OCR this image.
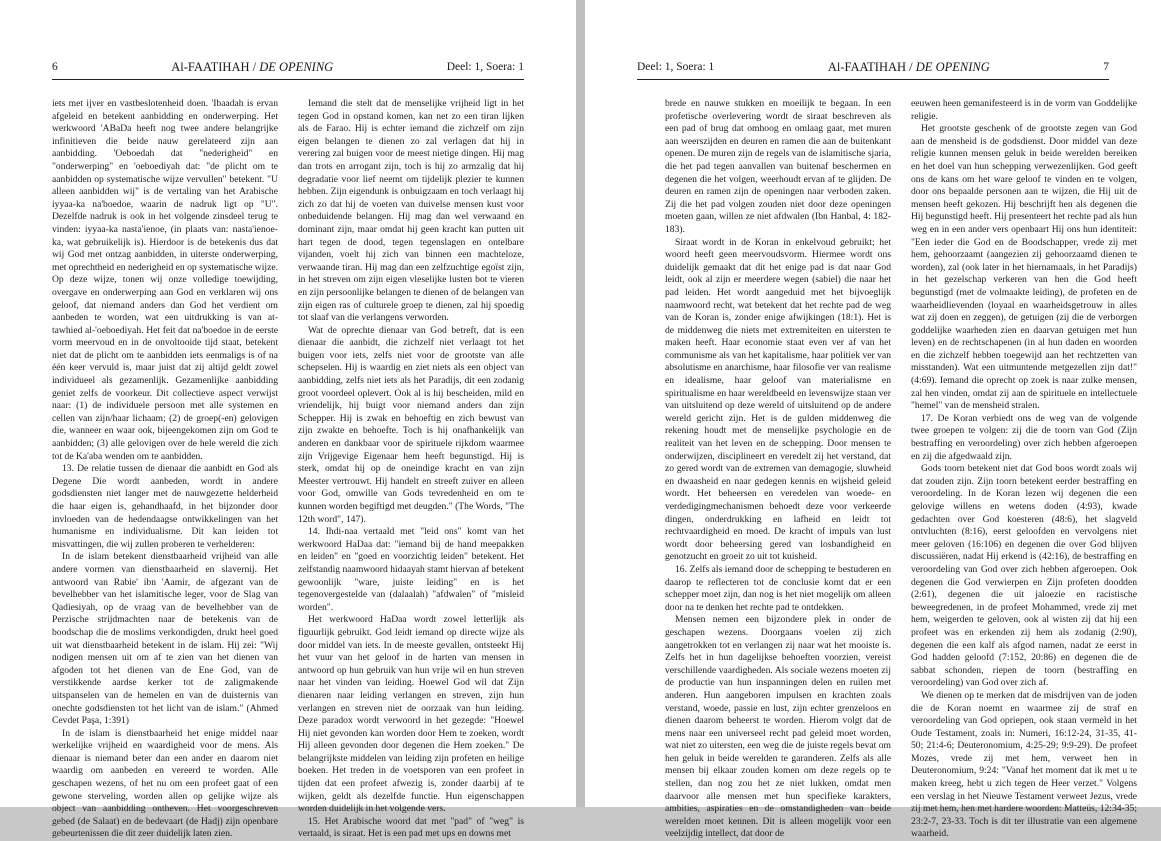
6	Al-FAATIHAH / DE OPENING	Deel: 1, Soera: 1

iets met ijver en vastbeslotenheid doen. 'Ibaadah is ervan afgeleid en betekent aanbidding en onderwerping. Het werkwoord 'ABaDa heeft nog twee andere belangrijke infinitieven die beide nauw gerelateerd zijn aan aanbidding. 'Oeboedah dat "nederigheid" en "onderwerping" en 'oeboediyah dat: "de plicht om te aanbidden op systematische wijze vervullen" betekent. "U alleen aanbidden wij" is de vertaling van het Arabische iyyaa-ka na'boedoe, waarin de nadruk ligt op "U". Dezelfde nadruk is ook in het volgende zinsdeel terug te vinden: iyyaa-ka nasta'ienoe, (in plaats van: nasta'ienoe-ka, wat gebruikelijk is). Hierdoor is de betekenis dus dat wij God met ontzag aanbidden, in uiterste onderwerping, met oprechtheid en nederigheid en op systematische wijze. Op deze wijze, tonen wij onze volledige toewijding, overgave en onderwerping aan God en verklaren wij ons geloof, dat niemand anders dan God het verdient om aanbeden te worden, wat een uitdrukking is van at-tawhied al-'oeboediyah. Het feit dat na'boedoe in de eerste vorm meervoud en in de onvoltooide tijd staat, betekent niet dat de plicht om te aanbidden iets eenmaligs is of na één keer vervuld is, maar juist dat zij altijd geldt zowel individueel als gezamenlijk. Gezamenlijke aanbidding geniet zelfs de voorkeur. Dit collectieve aspect verwijst naar: (1) de individuele persoon met alle systemen en cellen van zijn/haar lichaam; (2) de groep(-en) gelovigen die, wanneer en waar ook, bijeengekomen zijn om God te aanbidden; (3) alle gelovigen over de hele wereld die zich tot de Ka'aba wenden om te aanbidden.

13. De relatie tussen de dienaar die aanbidt en God als Degene Die wordt aanbeden, wordt in andere godsdiensten niet langer met de nauwgezette helderheid die haar eigen is, gehandhaafd, in het bijzonder door invloeden van de hedendaagse ontwikkelingen van het humanisme en individualisme. Dit kan leiden tot misvattingen, die wij zullen proberen te verhelderen:

In de islam betekent dienstbaarheid vrijheid van alle andere vormen van dienstbaarheid en slavernij. Het antwoord van Rabie' ibn 'Aamir, de afgezant van de bevelhebber van het islamitische leger, voor de Slag van Qadiesiyah, op de vraag van de bevelhebber van de Perzische strijdmachten naar de betekenis van de boodschap die de moslims verkondigden, drukt heel goed uit wat dienstbaarheid betekent in de islam. Hij zei: "Wij nodigen mensen uit om af te zien van het dienen van afgoden tot het dienen van de Ene God, van de verstikkende aardse kerker tot de zaligmakende uitspanselen van de hemelen en van de duisternis van onechte godsdiensten tot het licht van de islam." (Ahmed Cevdet Paşa, 1:391)

In de islam is dienstbaarheid het enige middel naar werkelijke vrijheid en waardigheid voor de mens. Als dienaar is niemand beter dan een ander en daarom niet waardig om aanbeden en vereerd te worden. Alle geschapen wezens, of het nu om een profeet gaat of een gewone sterveling, worden allen op gelijke wijze als object van aanbidding ontheven. Het voorgeschreven gebed (de Salaat) en de bedevaart (de Hadj) zijn openbare gebeurtenissen die dit zeer duidelijk laten zien.

Iemand die stelt dat de menselijke vrijheid ligt in het tegen God in opstand komen, kan net zo een tiran lijken als de Farao. Hij is echter iemand die zichzelf om zijn eigen belangen te dienen zo zal verlagen dat hij in verering zal buigen voor de meest nietige dingen. Hij mag dan trots en arrogant zijn, toch is hij zo armzalig dat hij degradatie voor lief neemt om tijdelijk plezier te kunnen hebben. Zijn eigendunk is onbuigzaam en toch verlaagt hij zich zo dat hij de voeten van duivelse mensen kust voor onbeduidende belangen. Hij mag dan wel verwaand en dominant zijn, maar omdat hij geen kracht kan putten uit hart tegen de dood, tegen tegenslagen en ontelbare vijanden, voelt hij zich van binnen een machteloze, verwaande tiran. Hij mag dan een zelfzuchtige egoïst zijn, in het streven om zijn eigen vleselijke lusten bot te vieren en zijn persoonlijke belangen te dienen of de belangen van zijn eigen ras of culturele groep te dienen, zal hij spoedig tot slaaf van die verlangens verworden.

Wat de oprechte dienaar van God betreft, dat is een dienaar die aanbidt, die zichzelf niet verlaagt tot het buigen voor iets, zelfs niet voor de grootste van alle schepselen. Hij is waardig en ziet niets als een object van aanbidding, zelfs niet iets als het Paradijs, dit een zodanig groot voordeel oplevert. Ook al is hij bescheiden, mild en vriendelijk, hij buigt voor niemand anders dan zijn Schepper. Hij is zwak en behoeftig en zich bewust van zijn zwakte en behoefte. Toch is hij onafhankelijk van anderen en dankbaar voor de spirituele rijkdom waarmee zijn Vrijgevige Eigenaar hem heeft begunstigd. Hij is sterk, omdat hij op de oneindige kracht en van zijn Meester vertrouwt. Hij handelt en streeft zuiver en alleen voor God, omwille van Gods tevredenheid en om te kunnen worden begiftigd met deugden." (The Words, "The 12th word", 147).

14. Ihdi-naa vertaald met "leid ons" komt van het werkwoord HaDaa dat: "iemand bij de hand meepakken en leiden" en "goed en voorzichtig leiden" betekent. Het zelfstandig naamwoord hidaayah stamt hiervan af betekent gewoonlijk "ware, juiste leiding" en is het tegenovergestelde van (dalaalah) "afdwalen" of "misleid worden".

Het werkwoord HaDaa wordt zowel letterlijk als figuurlijk gebruikt. God leidt iemand op directe wijze als door middel van iets. In de meeste gevallen, ontsteekt Hij het vuur van het geloof in de harten van mensen in antwoord op hun gebruik van hun vrije wil en hun streven naar het vinden van leiding. Hoewel God wil dat Zijn dienaren naar leiding verlangen en streven, zijn hun verlangen en streven niet de oorzaak van hun leiding. Deze paradox wordt verwoord in het gezegde: "Hoewel Hij niet gevonden kan worden door Hem te zoeken, wordt Hij alleen gevonden door degenen die Hem zoeken." De belangrijkste middelen van leiding zijn profeten en heilige boeken. Het treden in de voetsporen van een profeet in tijden dat een profeet afwezig is, zonder daarbij af te wijken, geldt als dezelfde functie. Hun eigenschappen worden duidelijk in het volgende vers.

15. Het Arabische woord dat met "pad" of "weg" is vertaald, is siraat. Het is een pad met ups en downs met

Deel: 1, Soera: 1	Al-FAATIHAH / DE OPENING	7

brede en nauwe stukken en moeilijk te begaan. In een profetische overlevering wordt de siraat beschreven als een pad of brug dat omhoog en omlaag gaat, met muren aan weerszijden en deuren en ramen die aan de buitenkant openen. De muren zijn de regels van de islamitische sjaria, die het pad tegen aanvallen van buitenaf beschermen en degenen die het volgen, weerhoudt ervan af te glijden. De deuren en ramen zijn de openingen naar verboden zaken. Zij die het pad volgen zouden niet door deze openingen moeten gaan, willen ze niet afdwalen (Ibn Hanbal, 4: 182-183).

Siraat wordt in de Koran in enkelvoud gebruikt; het woord heeft geen meervoudsvorm. Hiermee wordt ons duidelijk gemaakt dat dit het enige pad is dat naar God leidt, ook al zijn er meerdere wegen (sabiel) die naar het pad leiden. Het wordt aangeduid met het bijvoeglijk naamwoord recht, wat betekent dat het rechte pad de weg van de Koran is, zonder enige afwijkingen (18:1). Het is de middenweg die niets met extremiteiten en uitersten te maken heeft. Haar economie staat even ver af van het communisme als van het kapitalisme, haar politiek ver van absolutisme en anarchisme, haar filosofie ver van realisme en idealisme, haar geloof van materialisme en spiritualisme en haar wereldbeeld en levenswijze staan ver van uitsluitend op deze wereld of uitsluitend op de andere wereld gericht zijn. Het is de gulden middenweg die rekening houdt met de menselijke psychologie en de realiteit van het leven en de schepping. Door mensen te onderwijzen, disciplineert en veredelt zij het verstand, dat zo gered wordt van de extremen van demagogie, sluwheid en dwaasheid en naar gedegen kennis en wijsheid geleid wordt. Het beheersen en veredelen van woede- en verdedigingmechanismen behoedt deze voor verkeerde dingen, onderdrukking en lafheid en leidt tot rechtvaardigheid en moed. De kracht of impuls van lust wordt door beheersing gered van losbandigheid en genotzucht en groeit zo uit tot kuisheid.

16. Zelfs als iemand door de schepping te bestuderen en daarop te reflecteren tot de conclusie komt dat er een schepper moet zijn, dan nog is het niet mogelijk om alleen door na te denken het rechte pad te ontdekken.

Mensen nemen een bijzondere plek in onder de geschapen wezens. Doorgaans voelen zij zich aangetrokken tot en verlangen zij naar wat het mooiste is. Zelfs het in hun dagelijkse behoeften voorzien, vereist verschillende vaardigheden. Als sociale wezens moeten zij de productie van hun inspanningen delen en ruilen met anderen. Hun aangeboren impulsen en krachten zoals verstand, woede, passie en lust, zijn echter grenzeloos en dienen daarom beheerst te worden. Hierom volgt dat de mens naar een universeel recht pad geleid moet worden, wat niet zo uitersten, een weg die de juiste regels bevat om hen geluk in beide werelden te garanderen. Zelfs als alle mensen bij elkaar zouden komen om deze regels op te stellen, dan nog zou het ze niet lukken, omdat men daarvoor alle mensen met hun specifieke karakters, ambities, aspiraties en de omstandigheden van beide werelden moet kennen. Dit is alleen mogelijk voor een veelzijdig intellect, dat door de

eeuwen heen gemanifesteerd is in de vorm van Goddelijke religie.

Het grootste geschenk of de grootste zegen van God aan de mensheid is de godsdienst. Door middel van deze religie kunnen mensen geluk in beide werelden bereiken en het doel van hun schepping verwezenlijken. God geeft ons de kans om het ware geloof te vinden en te volgen, door ons bepaalde personen aan te wijzen, die Hij uit de mensen heeft gekozen. Hij beschrijft hen als degenen die Hij begunstigd heeft. Hij presenteert het rechte pad als hun weg en in een ander vers openbaart Hij ons hun identiteit: "Een ieder die God en de Boodschapper, vrede zij met hem, gehoorzaamt (aangezien zij gehoorzaamd dienen te worden), zal (ook later in het hiernamaals, in het Paradijs) in het gezelschap verkeren van hen die God heeft begunstigd (met de volmaakte leiding), de profeten en de waarheidlievenden (loyaal en waarheidsgetrouw in alles wat zij doen en zeggen), de getuigen (zij die de verborgen goddelijke waarheden zien en daarvan getuigen met hun leven) en de rechtschapenen (in al hun daden en woorden en die zichzelf hebben toegewijd aan het rechtzetten van misstanden). Wat een uitmuntende metgezellen zijn dat!" (4:69). Iemand die oprecht op zoek is naar zulke mensen, zal hen vinden, omdat zij aan de spirituele en intellectuele "hemel" van de mensheid stralen.

17. De Koran verbiedt ons de weg van de volgende twee groepen te volgen: zij die de toorn van God (Zijn bestraffing en veroordeling) over zich hebben afgeroepen en zij die afgedwaald zijn.

Gods toorn betekent niet dat God boos wordt zoals wij dat zouden zijn. Zijn toorn betekent eerder bestraffing en veroordeling. In de Koran lezen wij degenen die een gelovige willens en wetens doden (4:93), kwade gedachten over God koesteren (48:6), het slagveld ontvluchten (8:16), eerst geloofden en vervolgens niet meer geloven (16:106) en degenen die over God blijven discussiëren, nadat Hij erkend is (42:16), de bestraffing en veroordeling van God over zich hebben afgeroepen. Ook degenen die God verwierpen en Zijn profeten doodden (2:61), degenen die uit jaloezie en racistische beweegredenen, in de profeet Mohammed, vrede zij met hem, weigerden te geloven, ook al wisten zij dat hij een profeet was en erkenden zij hem als zodanig (2:90), degenen die een kalf als afgod namen, nadat ze eerst in God hadden geloofd (7:152, 20:86) en degenen die de sabbat schonden, riepen de toorn (bestraffing en veroordeling) van God over zich af.

We dienen op te merken dat de misdrijven van de joden die de Koran noemt en waarmee zij de straf en veroordeling van God opriepen, ook staan vermeld in het Oude Testament, zoals in: Numeri, 16:12-24, 31-35, 41-50; 21:4-6; Deuteronomium, 4:25-29; 9:9-29). De profeet Mozes, vrede zij met hem, verweet hen in Deuteronomium, 9:24: "Vanaf het moment dat ik met u te maken kreeg, hebt u zich tegen de Heer verzet." Volgens een verslag in het Nieuwe Testament verweet Jezus, vrede zij met hem, hen met hardere woorden: Matteüs, 12:34-35; 23:2-7, 23-33. Toch is dit ter illustratie van een algemene waarheid.
